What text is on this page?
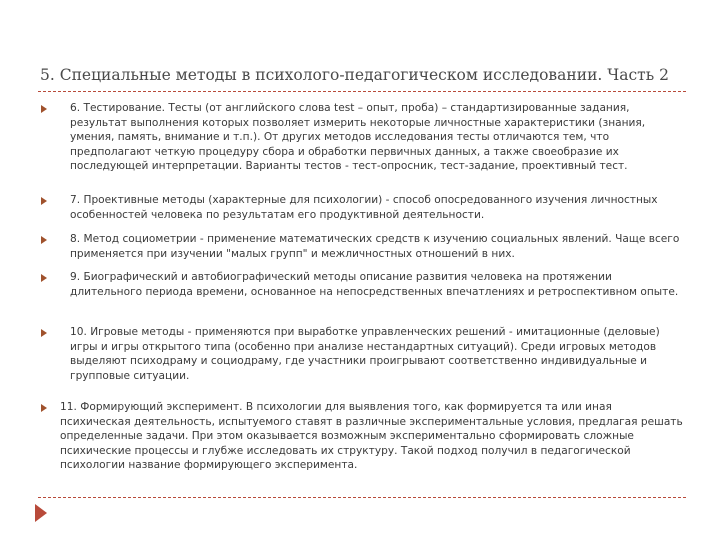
5. Специальные методы в психолого-педагогическом исследовании. Часть 2

6. Тестирование. Тесты (от английского слова test – опыт, проба) – стандартизированные задания, результат выполнения которых позволяет измерить некоторые личностные характеристики (знания, умения, память, внимание и т.п.). От других методов исследования тесты отличаются тем, что предполагают четкую процедуру сбора и обработки первичных данных, а также своеобразие их последующей интерпретации. Варианты тестов - тест-опросник, тест-задание, проективный тест.

7. Проективные методы (характерные для психологии) - способ опосредованного изучения личностных особенностей человека по результатам его продуктивной деятельности.

8. Метод социометрии - применение математических средств к изучению социальных явлений. Чаще всего применяется при изучении "малых групп" и межличностных отношений в них.

9. Биографический и автобиографический методы описание развития человека на протяжении длительного периода времени, основанное на непосредственных впечатлениях и ретроспективном опыте.

10. Игровые методы - применяются при выработке управленческих решений - имитационные (деловые) игры и игры открытого типа (особенно при анализе нестандартных ситуаций). Среди игровых методов выделяют психодраму и социодраму, где участники проигрывают соответственно индивидуальные и групповые ситуации.

11. Формирующий эксперимент. В психологии для выявления того, как формируется та или иная психическая деятельность, испытуемого ставят в различные экспериментальные условия, предлагая решать определенные задачи. При этом оказывается возможным экспериментально сформировать сложные психические процессы и глубже исследовать их структуру. Такой подход получил в педагогической психологии название формирующего эксперимента.
